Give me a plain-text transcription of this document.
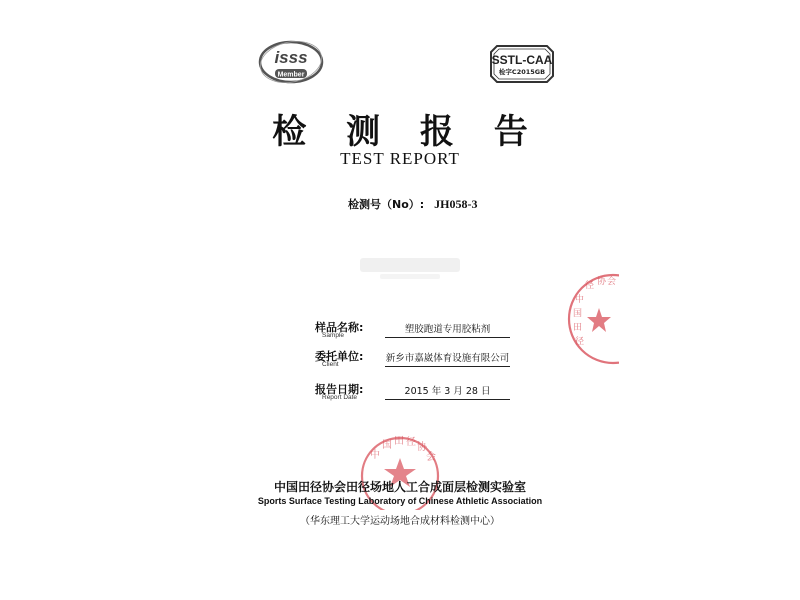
isss
Member
SSTL-CAA
检字C2015GB
检 测 报 告
TEST REPORT
检测号（No）: JH058-3
样品名称:
Sample
塑胶跑道专用胶粘剂
委托单位:
Client
新乡市嘉崴体育设施有限公司
报告日期:
Report Date
2015 年 3 月 28 日
中国田径
径 协会
中国 田 径协会
中国田径协会田径场地人工合成面层检测实验室
Sports Surface Testing Laboratory of Chinese Athletic Association
（华东理工大学运动场地合成材料检测中心）
